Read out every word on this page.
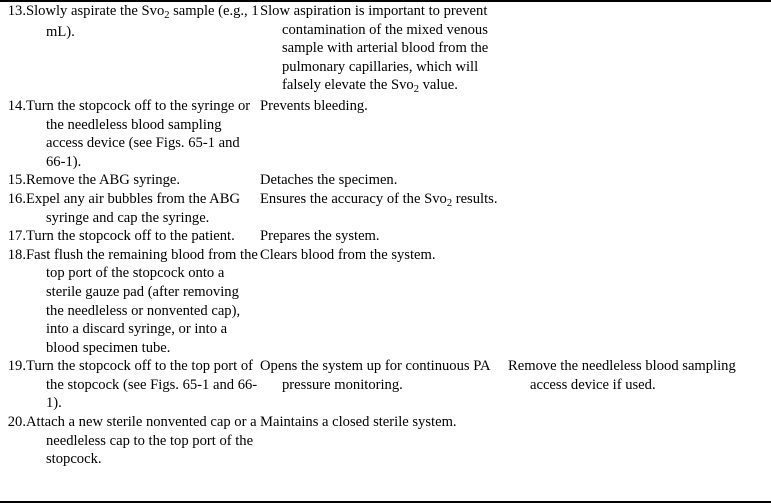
13.	Slowly aspirate the Svo$_2$ sample (e.g., 1 mL).	Slow aspiration is important to prevent contamination of the mixed venous sample with arterial blood from the pulmonary capillaries, which will falsely elevate the Svo$_2$ value.	

14.	Turn the stopcock off to the syringe or the needleless blood sampling access device (see Figs. 65-1 and 66-1).	Prevents bleeding.	

15.	Remove the ABG syringe.	Detaches the specimen.	

16.	Expel any air bubbles from the ABG syringe and cap the syringe.	Ensures the accuracy of the Svo$_2$ results.	

17.	Turn the stopcock off to the patient.	Prepares the system.	

18.	Fast flush the remaining blood from the top port of the stopcock onto a sterile gauze pad (after removing the needleless or nonvented cap), into a discard syringe, or into a blood specimen tube.	Clears blood from the system.	

19.	Turn the stopcock off to the top port of the stopcock (see Figs. 65-1 and 66-1).	Opens the system up for continuous PA pressure monitoring.	Remove the needleless blood sampling access device if used.

20.	Attach a new sterile nonvented cap or a needleless cap to the top port of the stopcock.	Maintains a closed sterile system.	
